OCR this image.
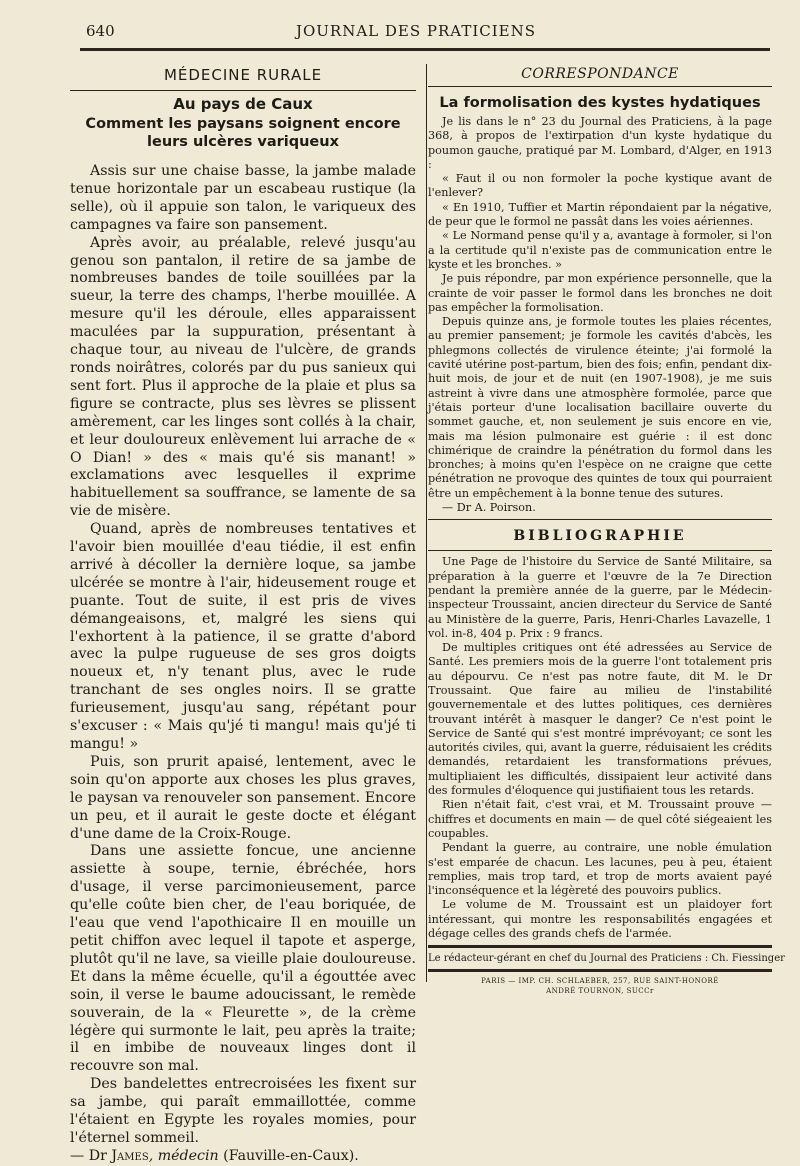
640	JOURNAL DES PRATICIENS
MÉDECINE RURALE
Au pays de Caux
Comment les paysans soignent encore leurs ulcères variqueux

Assis sur une chaise basse, la jambe malade tenue horizontale par un escabeau rustique (la selle), où il appuie son talon, le variqueux des campagnes va faire son pansement.

Après avoir, au préalable, relevé jusqu'au genou son pantalon, il retire de sa jambe de nombreuses bandes de toile souillées par la sueur, la terre des champs, l'herbe mouillée. A mesure qu'il les déroule, elles apparaissent maculées par la suppuration, présentant à chaque tour, au niveau de l'ulcère, de grands ronds noirâtres, colorés par du pus sanieux qui sent fort. Plus il approche de la plaie et plus sa figure se contracte, plus ses lèvres se plissent amèrement, car les linges sont collés à la chair, et leur douloureux enlèvement lui arrache de « O Dian! » des « mais qu'é sis manant! » exclamations avec lesquelles il exprime habituellement sa souffrance, se lamente de sa vie de misère.

Quand, après de nombreuses tentatives et l'avoir bien mouillée d'eau tiédie, il est enfin arrivé à décoller la dernière loque, sa jambe ulcérée se montre à l'air, hideusement rouge et puante. Tout de suite, il est pris de vives démangeaisons, et, malgré les siens qui l'exhortent à la patience, il se gratte d'abord avec la pulpe rugueuse de ses gros doigts noueux et, n'y tenant plus, avec le rude tranchant de ses ongles noirs. Il se gratte furieusement, jusqu'au sang, répétant pour s'excuser : « Mais qu'jé ti mangu! mais qu'jé ti mangu! »

Puis, son prurit apaisé, lentement, avec le soin qu'on apporte aux choses les plus graves, le paysan va renouveler son pansement. Encore un peu, et il aurait le geste docte et élégant d'une dame de la Croix-Rouge.

Dans une assiette foncue, une ancienne assiette à soupe, ternie, ébréchée, hors d'usage, il verse parcimonieusement, parce qu'elle coûte bien cher, de l'eau boriquée, de l'eau que vend l'apothicaire Il en mouille un petit chiffon avec lequel il tapote et asperge, plutôt qu'il ne lave, sa vieille plaie douloureuse. Et dans la même écuelle, qu'il a égouttée avec soin, il verse le baume adoucissant, le remède souverain, de la « Fleurette », de la crème légère qui surmonte le lait, peu après la traite; il en imbibe de nouveaux linges dont il recouvre son mal.

Des bandelettes entrecroisées les fixent sur sa jambe, qui paraît emmaillottée, comme l'étaient en Egypte les royales momies, pour l'éternel sommeil.

— Dr James, médecin (Fauville-en-Caux).

CORRESPONDANCE
La formolisation des kystes hydatiques

Je lis dans le n° 23 du Journal des Praticiens, à la page 368, à propos de l'extirpation d'un kyste hydatique du poumon gauche, pratiqué par M. Lombard, d'Alger, en 1913 :

« Faut il ou non formoler la poche kystique avant de l'enlever?

« En 1910, Tuffier et Martin répondaient par la négative, de peur que le formol ne passât dans les voies aériennes.

« Le Normand pense qu'il y a, avantage à formoler, si l'on a la certitude qu'il n'existe pas de communication entre le kyste et les bronches. »

Je puis répondre, par mon expérience personnelle, que la crainte de voir passer le formol dans les bronches ne doit pas empêcher la formolisation.

Depuis quinze ans, je formole toutes les plaies récentes, au premier pansement; je formole les cavités d'abcès, les phlegmons collectés de virulence éteinte; j'ai formolé la cavité utérine post-partum, bien des fois; enfin, pendant dix-huit mois, de jour et de nuit (en 1907-1908), je me suis astreint à vivre dans une atmosphère formolée, parce que j'étais porteur d'une localisation bacillaire ouverte du sommet gauche, et, non seulement je suis encore en vie, mais ma lésion pulmonaire est guérie : il est donc chimérique de craindre la pénétration du formol dans les bronches; à moins qu'en l'espèce on ne craigne que cette pénétration ne provoque des quintes de toux qui pourraient être un empêchement à la bonne tenue des sutures.

— Dr A. Poirson.

BIBLIOGRAPHIE

Une Page de l'histoire du Service de Santé Militaire, sa préparation à la guerre et l'œuvre de la 7e Direction pendant la première année de la guerre, par le Médecin-inspecteur Troussaint, ancien directeur du Service de Santé au Ministère de la guerre, Paris, Henri-Charles Lavazelle, 1 vol. in-8, 404 p. Prix : 9 francs.

De multiples critiques ont été adressées au Service de Santé. Les premiers mois de la guerre l'ont totalement pris au dépourvu. Ce n'est pas notre faute, dit M. le Dr Troussaint. Que faire au milieu de l'instabilité gouvernementale et des luttes politiques, ces dernières trouvant intérêt à masquer le danger? Ce n'est point le Service de Santé qui s'est montré imprévoyant; ce sont les autorités civiles, qui, avant la guerre, réduisaient les crédits demandés, retardaient les transformations prévues, multipliaient les difficultés, dissipaient leur activité dans des formules d'éloquence qui justifiaient tous les retards.

Rien n'était fait, c'est vrai, et M. Troussaint prouve — chiffres et documents en main — de quel côté siégeaient les coupables.

Pendant la guerre, au contraire, une noble émulation s'est emparée de chacun. Les lacunes, peu à peu, étaient remplies, mais trop tard, et trop de morts avaient payé l'inconséquence et la légèreté des pouvoirs publics.

Le volume de M. Troussaint est un plaidoyer fort intéressant, qui montre les responsabilités engagées et dégage celles des grands chefs de l'armée.

Le rédacteur-gérant en chef du Journal des Praticiens : Ch. Fiessinger
PARIS — IMP. CH. SCHLAEBER, 257, RUE SAINT-HONORÉ
ANDRÉ TOURNON, SUCCr
